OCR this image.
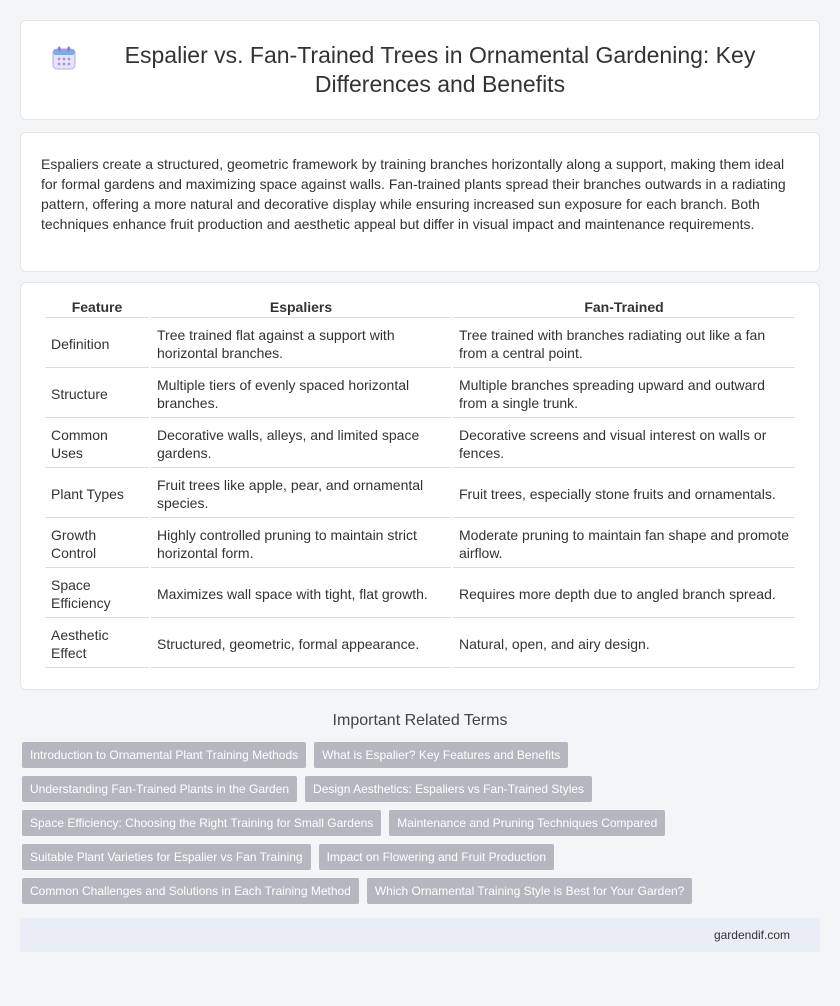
Espalier vs. Fan-Trained Trees in Ornamental Gardening: Key Differences and Benefits
Espaliers create a structured, geometric framework by training branches horizontally along a support, making them ideal for formal gardens and maximizing space against walls. Fan-trained plants spread their branches outwards in a radiating pattern, offering a more natural and decorative display while ensuring increased sun exposure for each branch. Both techniques enhance fruit production and aesthetic appeal but differ in visual impact and maintenance requirements.
Feature	Espaliers	Fan-Trained
Definition	Tree trained flat against a support with horizontal branches.	Tree trained with branches radiating out like a fan from a central point.
Structure	Multiple tiers of evenly spaced horizontal branches.	Multiple branches spreading upward and outward from a single trunk.
Common Uses	Decorative walls, alleys, and limited space gardens.	Decorative screens and visual interest on walls or fences.
Plant Types	Fruit trees like apple, pear, and ornamental species.	Fruit trees, especially stone fruits and ornamentals.
Growth Control	Highly controlled pruning to maintain strict horizontal form.	Moderate pruning to maintain fan shape and promote airflow.
Space Efficiency	Maximizes wall space with tight, flat growth.	Requires more depth due to angled branch spread.
Aesthetic Effect	Structured, geometric, formal appearance.	Natural, open, and airy design.
Important Related Terms
Introduction to Ornamental Plant Training Methods	What is Espalier? Key Features and Benefits
Understanding Fan-Trained Plants in the Garden	Design Aesthetics: Espaliers vs Fan-Trained Styles
Space Efficiency: Choosing the Right Training for Small Gardens	Maintenance and Pruning Techniques Compared
Suitable Plant Varieties for Espalier vs Fan Training	Impact on Flowering and Fruit Production
Common Challenges and Solutions in Each Training Method	Which Ornamental Training Style is Best for Your Garden?
gardendif.com
